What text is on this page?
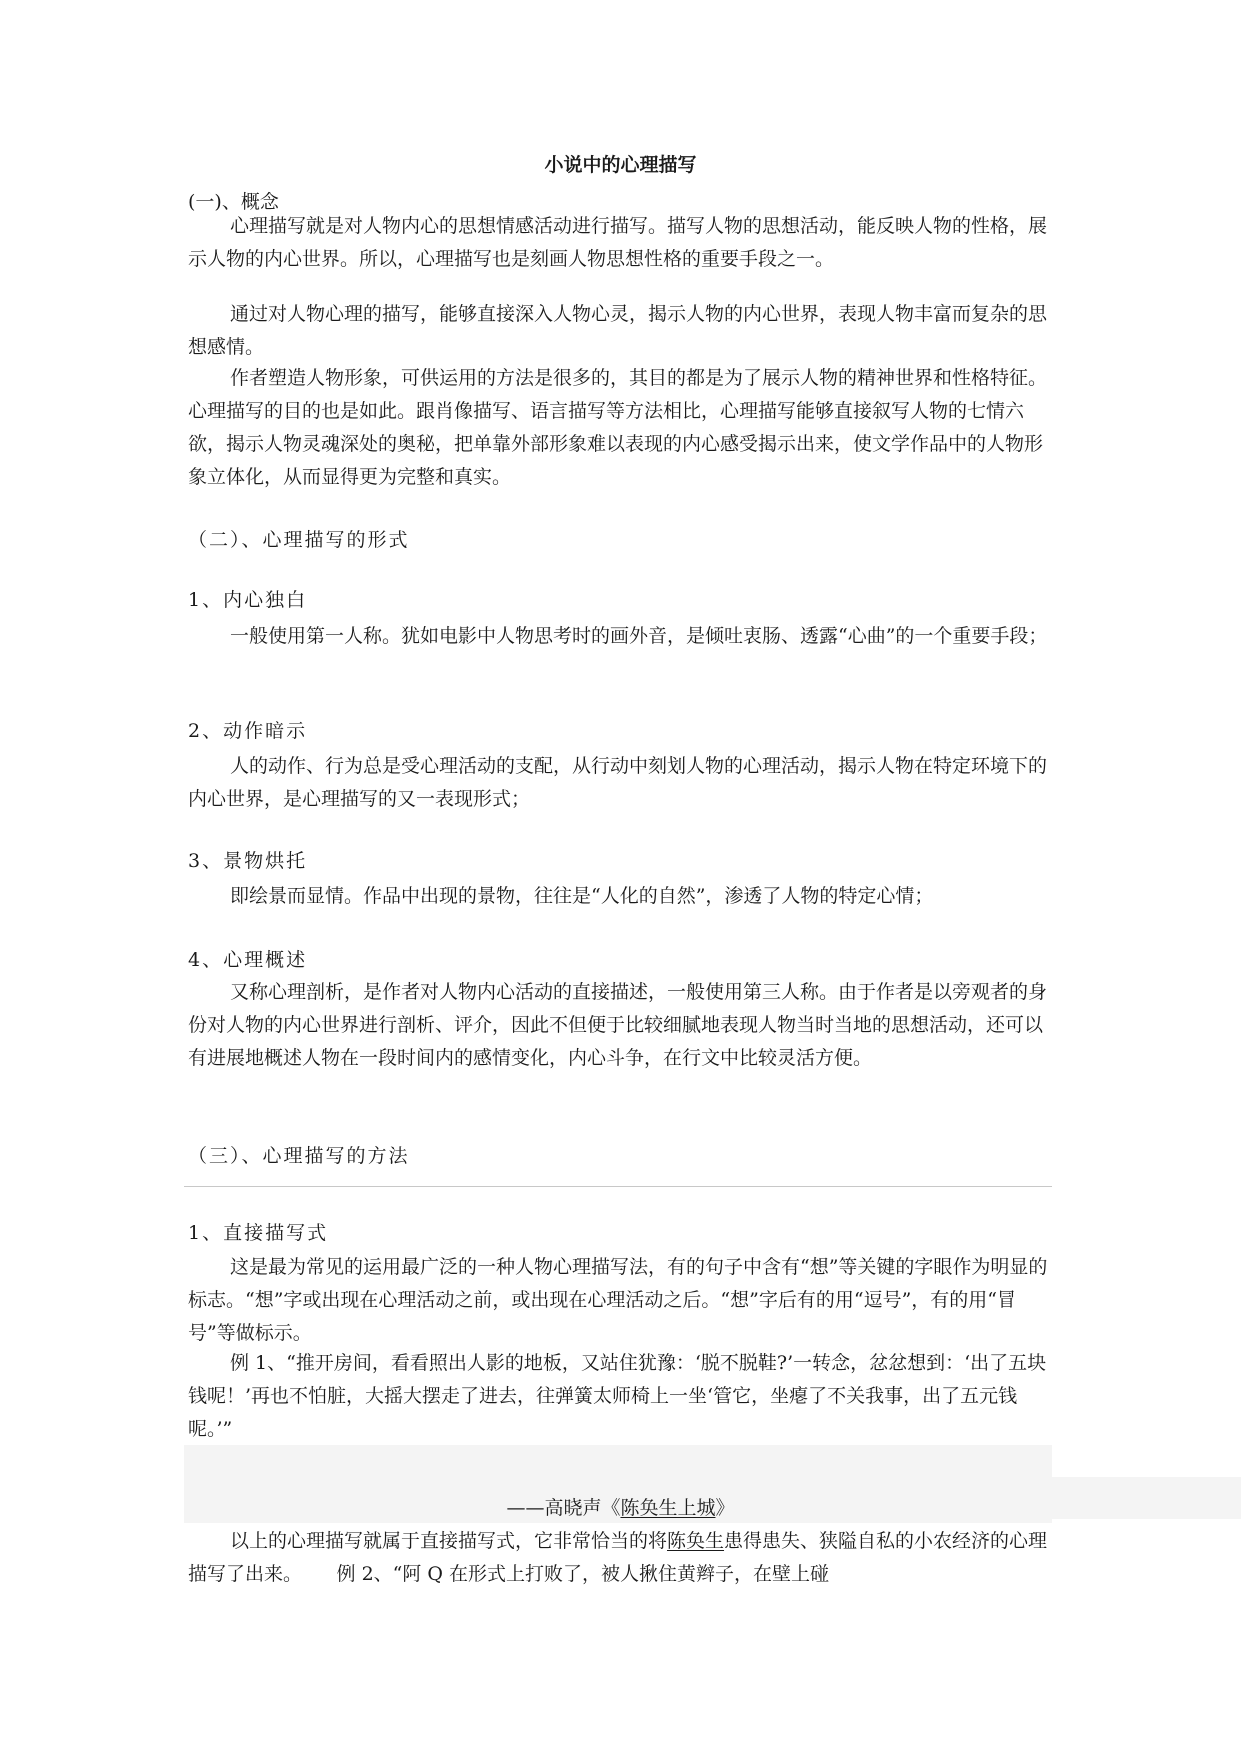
小说中的心理描写

(一)、概念

心理描写就是对人物内心的思想情感活动进行描写。描写人物的思想活动，能反映人物的性格，展示人物的内心世界。所以，心理描写也是刻画人物思想性格的重要手段之一。

通过对人物心理的描写，能够直接深入人物心灵，揭示人物的内心世界，表现人物丰富而复杂的思想感情。

作者塑造人物形象，可供运用的方法是很多的，其目的都是为了展示人物的精神世界和性格特征。心理描写的目的也是如此。跟肖像描写、语言描写等方法相比，心理描写能够直接叙写人物的七情六欲，揭示人物灵魂深处的奥秘，把单靠外部形象难以表现的内心感受揭示出来，使文学作品中的人物形象立体化，从而显得更为完整和真实。

（二）、心理描写的形式

1、内心独白

一般使用第一人称。犹如电影中人物思考时的画外音，是倾吐衷肠、透露“心曲”的一个重要手段；

2、动作暗示

人的动作、行为总是受心理活动的支配，从行动中刻划人物的心理活动，揭示人物在特定环境下的内心世界，是心理描写的又一表现形式；

3、景物烘托

即绘景而显情。作品中出现的景物，往往是“人化的自然”，渗透了人物的特定心情；

4、心理概述

又称心理剖析，是作者对人物内心活动的直接描述，一般使用第三人称。由于作者是以旁观者的身份对人物的内心世界进行剖析、评介，因此不但便于比较细腻地表现人物当时当地的思想活动，还可以有进展地概述人物在一段时间内的感情变化，内心斗争，在行文中比较灵活方便。

（三）、心理描写的方法

1、直接描写式

这是最为常见的运用最广泛的一种人物心理描写法，有的句子中含有“想”等关键的字眼作为明显的标志。“想”字或出现在心理活动之前，或出现在心理活动之后。“想”字后有的用“逗号”，有的用“冒号”等做标示。

例 1、“推开房间，看看照出人影的地板，又站住犹豫：‘脱不脱鞋?’一转念，忿忿想到：‘出了五块钱呢！’再也不怕脏，大摇大摆走了进去，往弹簧太师椅上一坐‘管它，坐瘪了不关我事，出了五元钱呢。’”

——高晓声《陈奂生上城》

以上的心理描写就属于直接描写式，它非常恰当的将陈奂生患得患失、狭隘自私的小农经济的心理描写了出来。　　 例 2、“阿 Q 在形式上打败了，被人揪住黄辫子，在壁上碰
